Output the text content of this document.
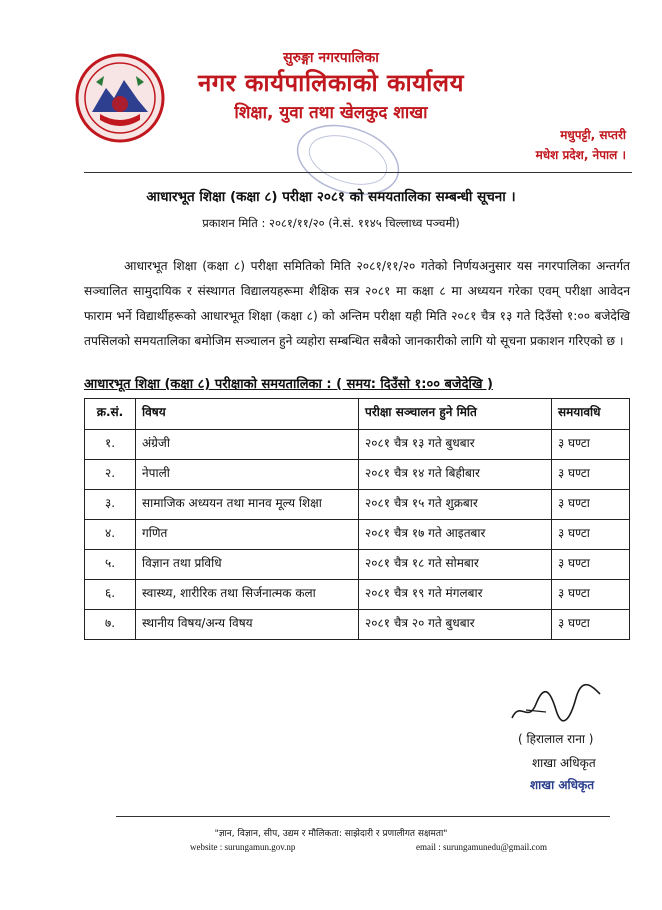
सुरुङ्गा नगरपालिका
नगर कार्यपालिकाको कार्यालय
शिक्षा, युवा तथा खेलकुद शाखा
मधुपट्टी, सप्तरी
मधेश प्रदेश, नेपाल ।
आधारभूत शिक्षा (कक्षा ८) परीक्षा २०८१ को समयतालिका सम्बन्धी सूचना ।
प्रकाशन मिति : २०८१/११/२० (ने.सं. ११४५ चिल्लाध्व पञ्चमी)

आधारभूत शिक्षा (कक्षा ८) परीक्षा समितिको मिति २०८१/११/२० गतेको निर्णयअनुसार यस नगरपालिका अन्तर्गत सञ्चालित सामुदायिक र संस्थागत विद्यालयहरूमा शैक्षिक सत्र २०८१ मा कक्षा ८ मा अध्ययन गरेका एवम् परीक्षा आवेदन फाराम भर्ने विद्यार्थीहरूको आधारभूत शिक्षा (कक्षा ८) को अन्तिम परीक्षा यही मिति २०८१ चैत्र १३ गते दिउँसो १:०० बजेदेखि तपसिलको समयतालिका बमोजिम सञ्चालन हुने व्यहोरा सम्बन्धित सबैको जानकारीको लागि यो सूचना प्रकाशन गरिएको छ ।

आधारभूत शिक्षा (कक्षा ८) परीक्षाको समयतालिका : ( समय: दिउँसो १:०० बजेदेखि )
क्र.सं.	विषय	परीक्षा सञ्चालन हुने मिति	समयावधि
१.	अंग्रेजी	२०८१ चैत्र १३ गते बुधबार	३ घण्टा
२.	नेपाली	२०८१ चैत्र १४ गते बिहीबार	३ घण्टा
३.	सामाजिक अध्ययन तथा मानव मूल्य शिक्षा	२०८१ चैत्र १५ गते शुक्रबार	३ घण्टा
४.	गणित	२०८१ चैत्र १७ गते आइतबार	३ घण्टा
५.	विज्ञान तथा प्रविधि	२०८१ चैत्र १८ गते सोमबार	३ घण्टा
६.	स्वास्थ्य, शारीरिक तथा सिर्जनात्मक कला	२०८१ चैत्र १९ गते मंगलबार	३ घण्टा
७.	स्थानीय विषय/अन्य विषय	२०८१ चैत्र २० गते बुधबार	३ घण्टा
( हिरालाल राना )
शाखा अधिकृत
शाखा अधिकृत
"ज्ञान, विज्ञान, सीप, उद्यम र मौलिकता: साझेदारी र प्रणालीगत सक्षमता"
website : surungamun.gov.np	email : surungamunedu@gmail.com
